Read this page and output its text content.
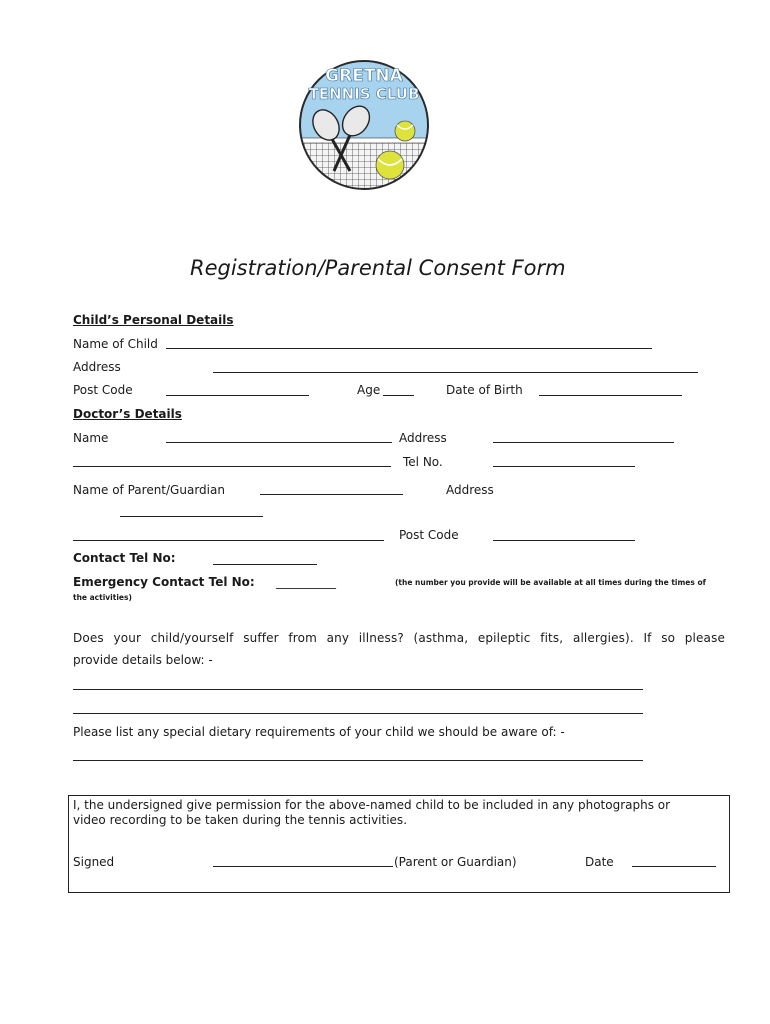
GRETNA
TENNIS CLUB
Registration/Parental Consent Form
Child’s Personal Details
Name of Child
Address
Post Code	Age	Date of Birth
Doctor’s Details
Name	Address
Tel No.
Name of Parent/Guardian	Address
Post Code
Contact Tel No:
Emergency Contact Tel No: __________	(the number you provide will be available at all times during the times of
the activities)
Does your child/yourself suffer from any illness? (asthma, epileptic fits, allergies). If so please
provide details below: -
Please list any special dietary requirements of your child we should be aware of: -
I, the undersigned give permission for the above-named child to be included in any photographs or
video recording to be taken during the tennis activities.
Signed	(Parent or Guardian)	Date
